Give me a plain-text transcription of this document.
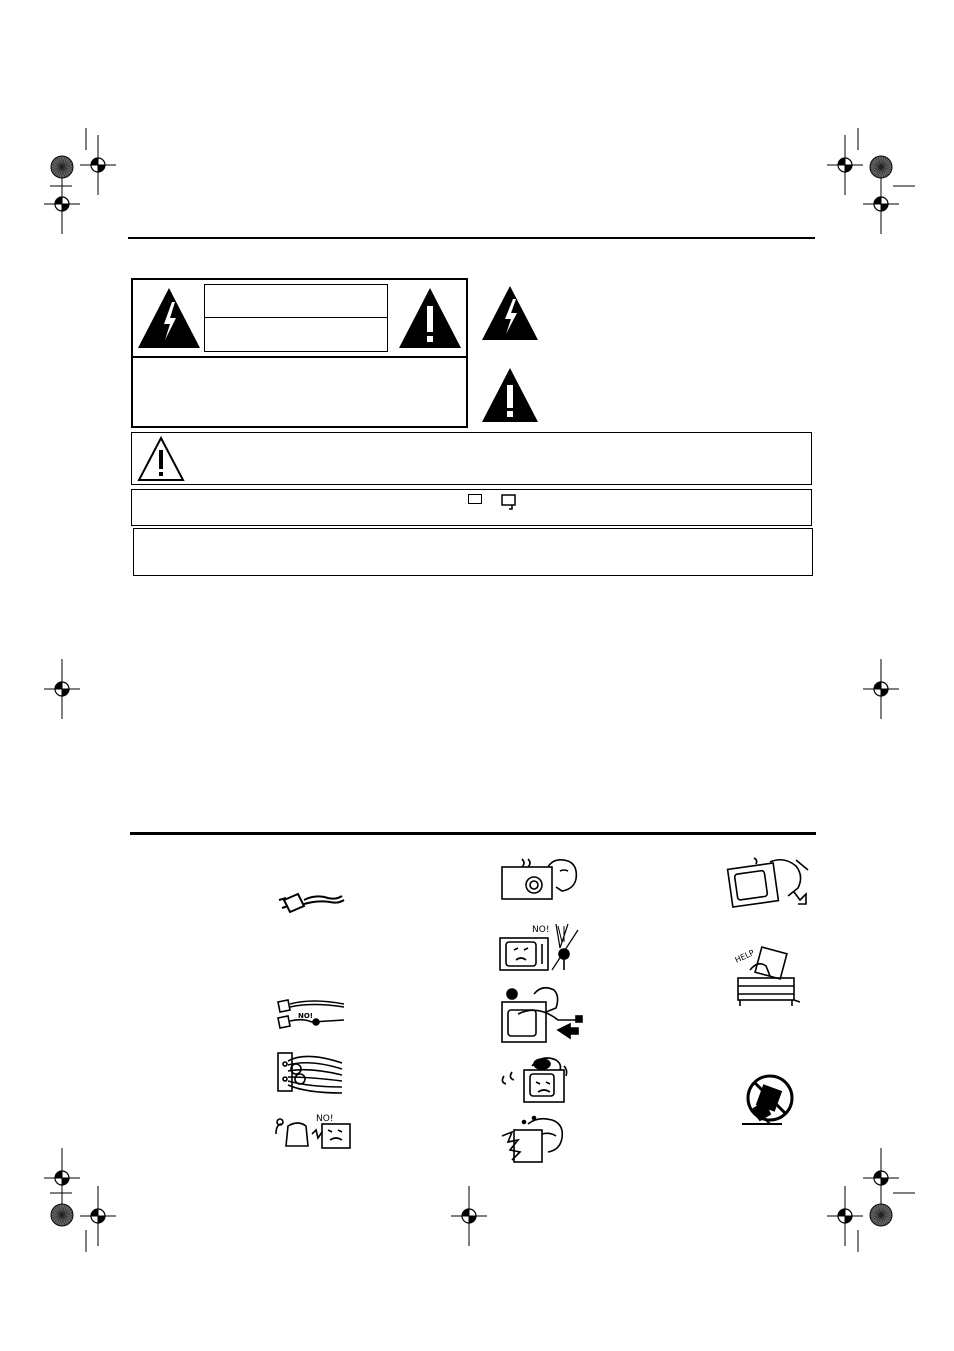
NO!
NO!
NO!
HELP
